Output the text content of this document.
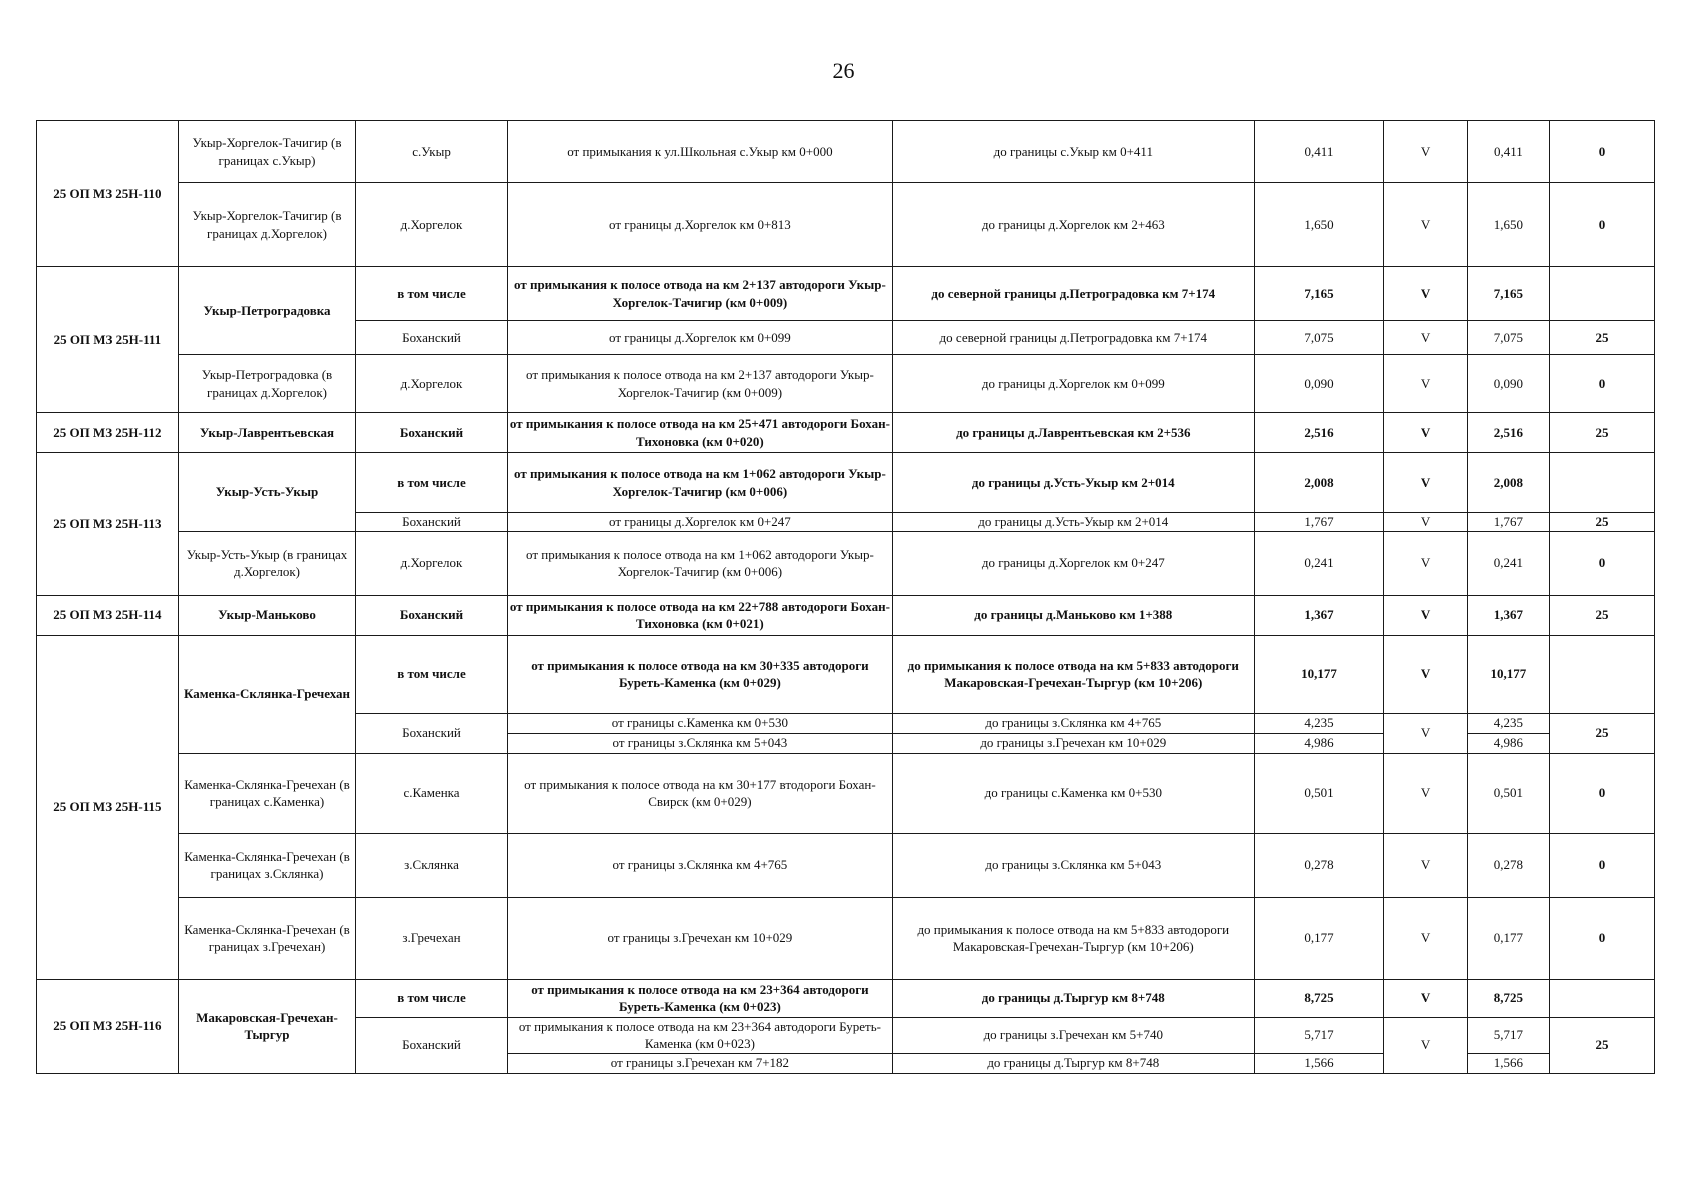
26
25 ОП МЗ 25Н-110	Укыр-Хоргелок-Тачигир (в границах с.Укыр)	с.Укыр	от примыкания к ул.Школьная с.Укыр км 0+000	до границы с.Укыр км 0+411	0,411	V	0,411	0
	Укыр-Хоргелок-Тачигир (в границах д.Хоргелок)	д.Хоргелок	от границы д.Хоргелок км 0+813	до границы д.Хоргелок км 2+463	1,650	V	1,650	0
25 ОП МЗ 25Н-111	Укыр-Петроградовка	в том числе	от примыкания к полосе отвода на км 2+137 автодороги Укыр-Хоргелок-Тачигир (км 0+009)	до северной границы д.Петроградовка км 7+174	7,165	V	7,165	
		Боханский	от границы д.Хоргелок км 0+099	до северной границы д.Петроградовка км 7+174	7,075	V	7,075	25
	Укыр-Петроградовка (в границах д.Хоргелок)	д.Хоргелок	от примыкания к полосе отвода на км 2+137 автодороги Укыр-Хоргелок-Тачигир (км 0+009)	до границы д.Хоргелок км 0+099	0,090	V	0,090	0
25 ОП МЗ 25Н-112	Укыр-Лаврентьевская	Боханский	от примыкания к полосе отвода на км 25+471 автодороги Бохан-Тихоновка (км 0+020)	до границы д.Лаврентьевская км 2+536	2,516	V	2,516	25
25 ОП МЗ 25Н-113	Укыр-Усть-Укыр	в том числе	от примыкания к полосе отвода на км 1+062 автодороги Укыр-Хоргелок-Тачигир (км 0+006)	до границы д.Усть-Укыр км 2+014	2,008	V	2,008	
		Боханский	от границы д.Хоргелок км 0+247	до границы д.Усть-Укыр км 2+014	1,767	V	1,767	25
	Укыр-Усть-Укыр (в границах д.Хоргелок)	д.Хоргелок	от примыкания к полосе отвода на км 1+062 автодороги Укыр-Хоргелок-Тачигир (км 0+006)	до границы д.Хоргелок км 0+247	0,241	V	0,241	0
25 ОП МЗ 25Н-114	Укыр-Маньково	Боханский	от примыкания к полосе отвода на км 22+788 автодороги Бохан-Тихоновка (км 0+021)	до границы д.Маньково км 1+388	1,367	V	1,367	25
25 ОП МЗ 25Н-115	Каменка-Склянка-Гречехан	в том числе	от примыкания к полосе отвода на км 30+335 автодороги Буреть-Каменка (км 0+029)	до примыкания к полосе отвода на км 5+833 автодороги Макаровская-Гречехан-Тыргур (км 10+206)	10,177	V	10,177	
		Боханский	от границы с.Каменка км 0+530	до границы з.Склянка км 4+765	4,235	V	4,235	25
			от границы з.Склянка км 5+043	до границы з.Гречехан км 10+029	4,986		4,986	
	Каменка-Склянка-Гречехан (в границах с.Каменка)	с.Каменка	от примыкания к полосе отвода на км 30+177 втодороги Бохан-Свирск (км 0+029)	до границы с.Каменка км 0+530	0,501	V	0,501	0
	Каменка-Склянка-Гречехан (в границах з.Склянка)	з.Склянка	от границы з.Склянка км 4+765	до границы з.Склянка км 5+043	0,278	V	0,278	0
	Каменка-Склянка-Гречехан (в границах з.Гречехан)	з.Гречехан	от границы з.Гречехан км 10+029	до примыкания к полосе отвода на км 5+833 автодороги Макаровская-Гречехан-Тыргур (км 10+206)	0,177	V	0,177	0
25 ОП МЗ 25Н-116	Макаровская-Гречехан-Тыргур	в том числе	от примыкания к полосе отвода на км 23+364 автодороги Буреть-Каменка (км 0+023)	до границы д.Тыргур км 8+748	8,725	V	8,725	
		Боханский	от примыкания к полосе отвода на км 23+364 автодороги Буреть-Каменка (км 0+023)	до границы з.Гречехан км 5+740	5,717	V	5,717	25
			от границы з.Гречехан км 7+182	до границы д.Тыргур км 8+748	1,566		1,566	
